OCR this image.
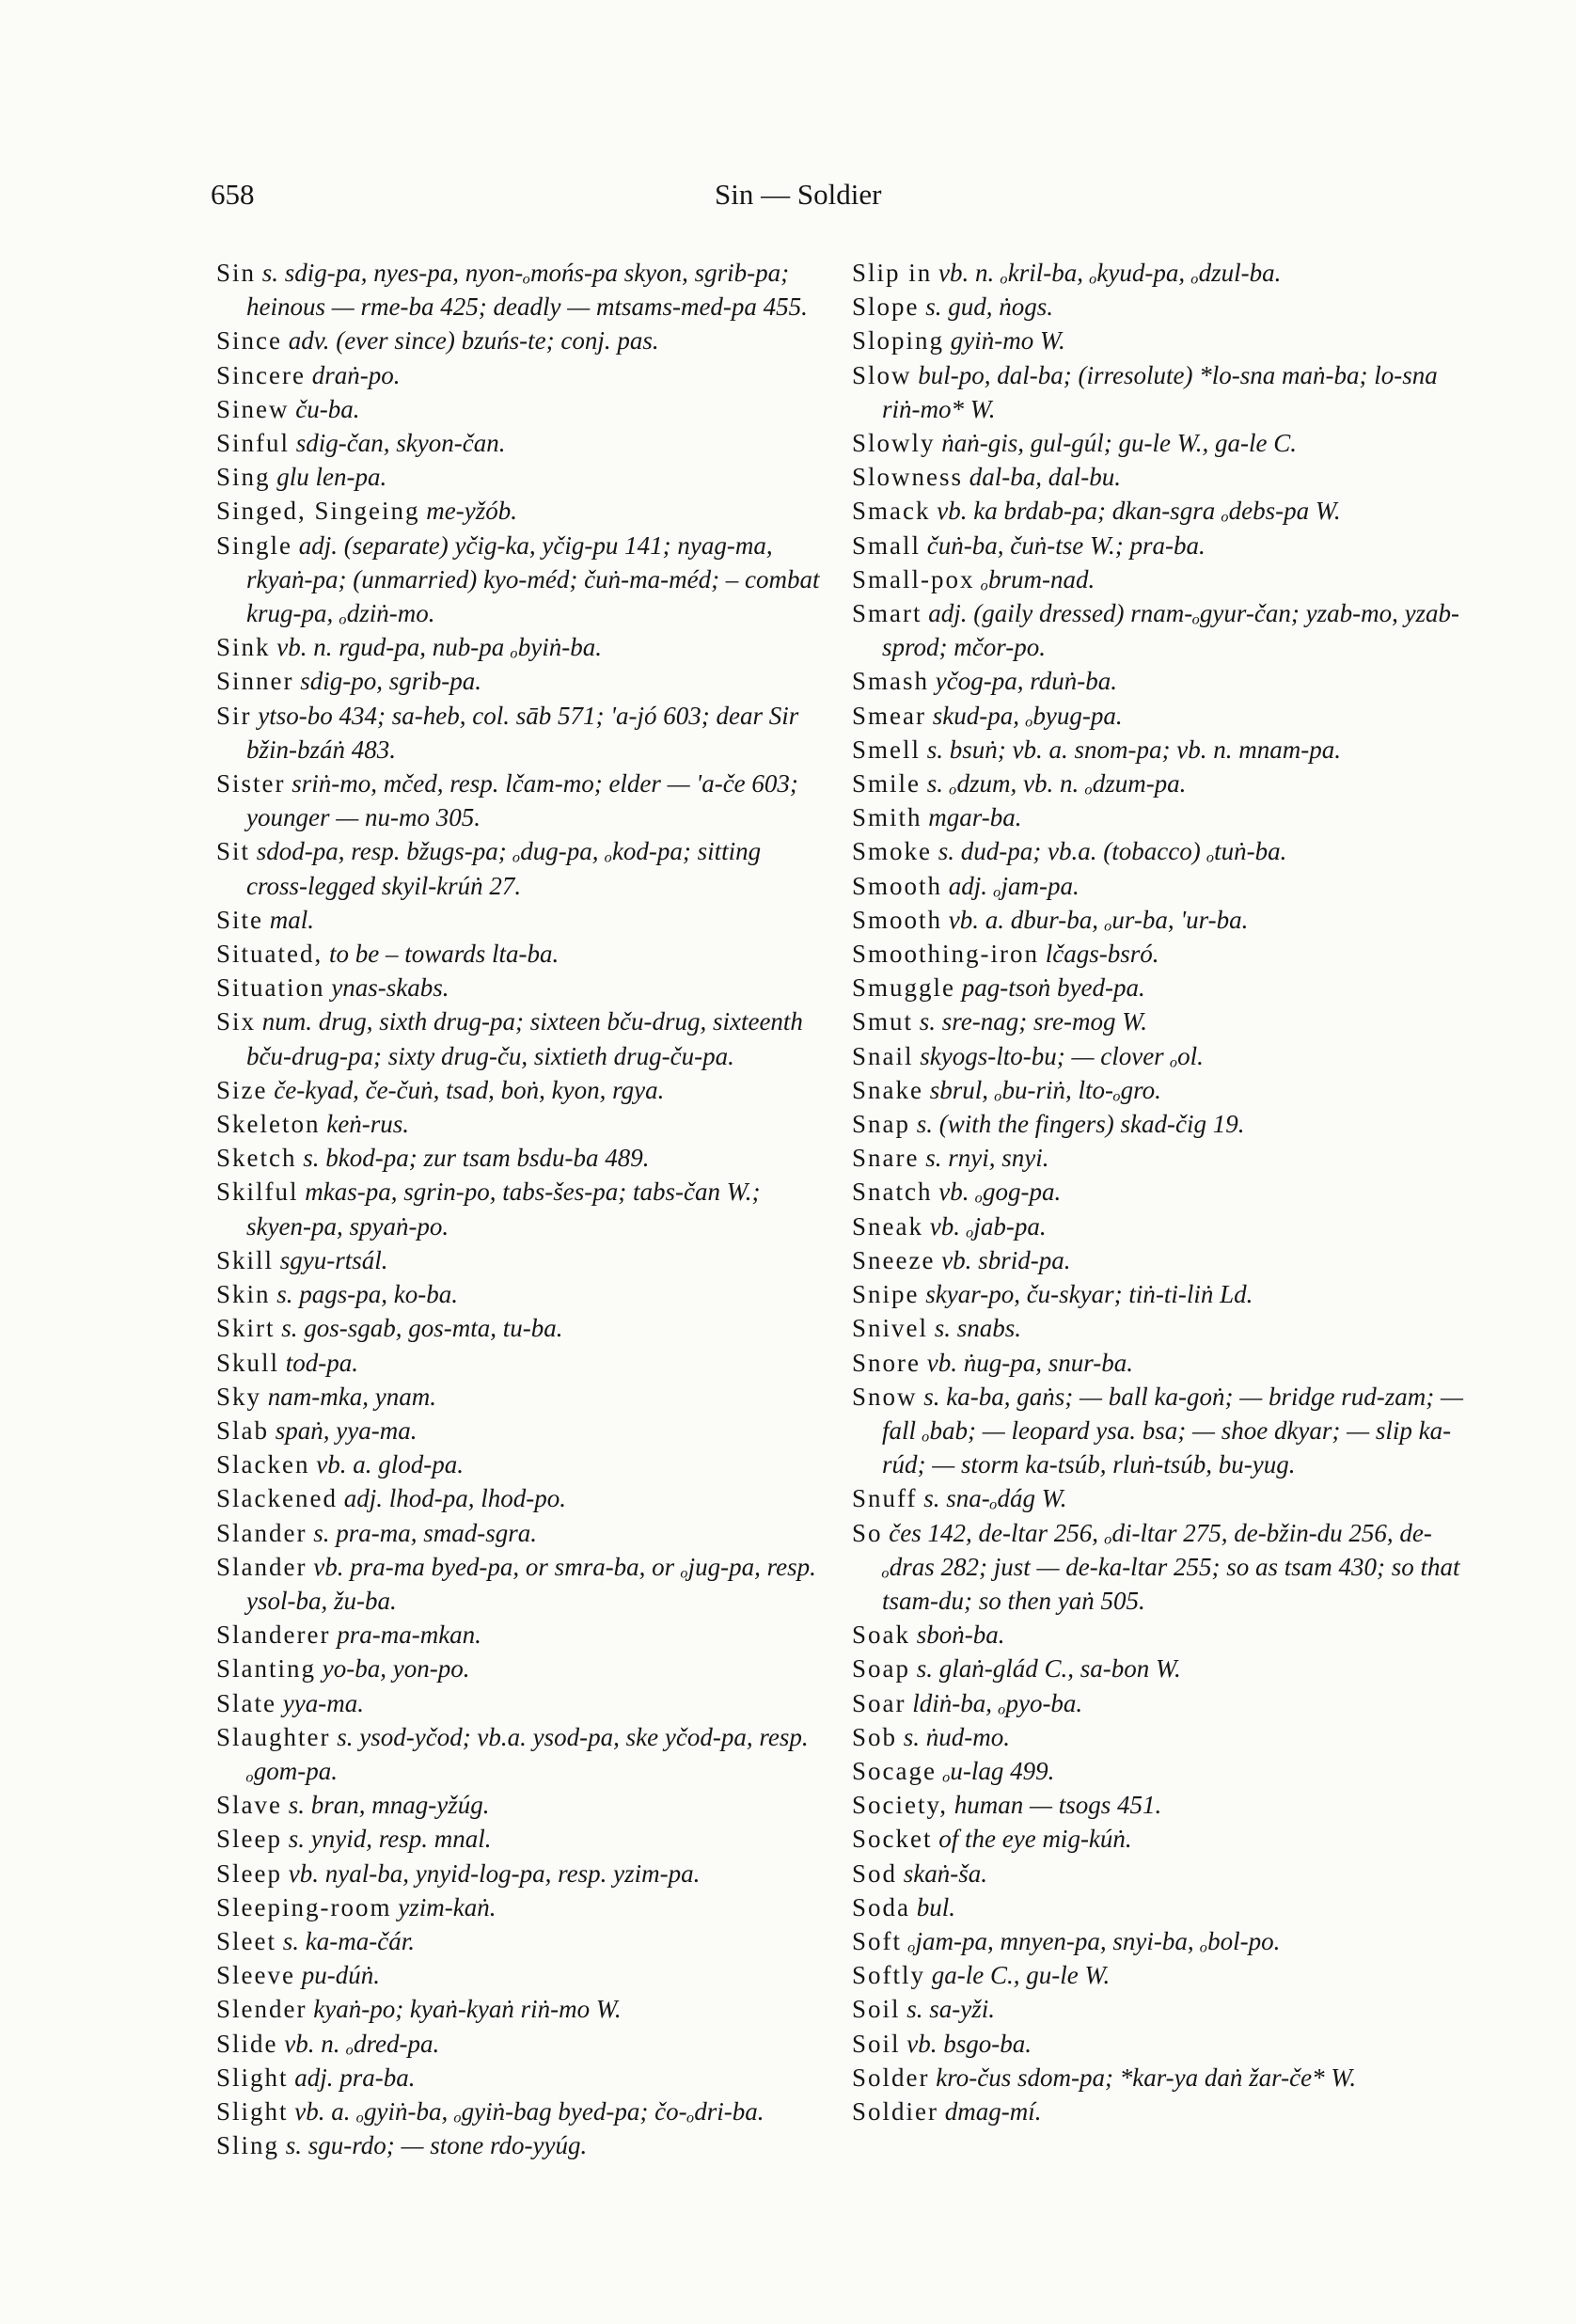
658	Sin — Soldier

Sin s. sdig-pa, nyes-pa, nyon-ₒmońs-pa skyon, sgrib-pa; heinous — rme-ba 425; deadly — mtsams-med-pa 455.

Since adv. (ever since) bzuńs-te; conj. pas.

Sincere draṅ-po.

Sinew ču-ba.

Sinful sdig-čan, skyon-čan.

Sing glu len-pa.

Singed, Singeing me-yžób.

Single adj. (separate) yčig-ka, yčig-pu 141; nyag-ma, rkyaṅ-pa; (unmarried) kyo-méd; čuṅ-ma-méd; – combat krug-pa, ₒdziṅ-mo.

Sink vb. n. rgud-pa, nub-pa ₒbyiṅ-ba.

Sinner sdig-po, sgrib-pa.

Sir ytso-bo 434; sa-heb, col. sāb 571; 'a-jó 603; dear Sir bžin-bzáṅ 483.

Sister sriṅ-mo, mčed, resp. lčam-mo; elder — 'a-če 603; younger — nu-mo 305.

Sit sdod-pa, resp. bžugs-pa; ₒdug-pa, ₒkod-pa; sitting cross-legged skyil-krúṅ 27.

Site mal.

Situated, to be – towards lta-ba.

Situation ynas-skabs.

Six num. drug, sixth drug-pa; sixteen bču-drug, sixteenth bču-drug-pa; sixty drug-ču, sixtieth drug-ču-pa.

Size če-kyad, če-čuṅ, tsad, boṅ, kyon, rgya.

Skeleton keṅ-rus.

Sketch s. bkod-pa; zur tsam bsdu-ba 489.

Skilful mkas-pa, sgrin-po, tabs-šes-pa; tabs-čan W.; skyen-pa, spyaṅ-po.

Skill sgyu-rtsál.

Skin s. pags-pa, ko-ba.

Skirt s. gos-sgab, gos-mta, tu-ba.

Skull tod-pa.

Sky nam-mka, ynam.

Slab spaṅ, yya-ma.

Slacken vb. a. glod-pa.

Slackened adj. lhod-pa, lhod-po.

Slander s. pra-ma, smad-sgra.

Slander vb. pra-ma byed-pa, or smra-ba, or ₒjug-pa, resp. ysol-ba, žu-ba.

Slanderer pra-ma-mkan.

Slanting yo-ba, yon-po.

Slate yya-ma.

Slaughter s. ysod-yčod; vb.a. ysod-pa, ske yčod-pa, resp. ₒgom-pa.

Slave s. bran, mnag-yžúg.

Sleep s. ynyid, resp. mnal.

Sleep vb. nyal-ba, ynyid-log-pa, resp. yzim-pa.

Sleeping-room yzim-kaṅ.

Sleet s. ka-ma-čár.

Sleeve pu-dúṅ.

Slender kyaṅ-po; kyaṅ-kyaṅ riṅ-mo W.

Slide vb. n. ₒdred-pa.

Slight adj. pra-ba.

Slight vb. a. ₒgyiṅ-ba, ₒgyiṅ-bag byed-pa; čo-ₒdri-ba.

Sling s. sgu-rdo; — stone rdo-yyúg.

Slip in vb. n. ₒkril-ba, ₒkyud-pa, ₒdzul-ba.

Slope s. gud, ṅogs.

Sloping gyiṅ-mo W.

Slow bul-po, dal-ba; (irresolute) *lo-sna maṅ-ba; lo-sna riṅ-mo* W.

Slowly ṅaṅ-gis, gul-gúl; gu-le W., ga-le C.

Slowness dal-ba, dal-bu.

Smack vb. ka brdab-pa; dkan-sgra ₒdebs-pa W.

Small čuṅ-ba, čuṅ-tse W.; pra-ba.

Small-pox ₒbrum-nad.

Smart adj. (gaily dressed) rnam-ₒgyur-čan; yzab-mo, yzab-sprod; mčor-po.

Smash yčog-pa, rduṅ-ba.

Smear skud-pa, ₒbyug-pa.

Smell s. bsuṅ; vb. a. snom-pa; vb. n. mnam-pa.

Smile s. ₒdzum, vb. n. ₒdzum-pa.

Smith mgar-ba.

Smoke s. dud-pa; vb.a. (tobacco) ₒtuṅ-ba.

Smooth adj. ₒjam-pa.

Smooth vb. a. dbur-ba, ₒur-ba, 'ur-ba.

Smoothing-iron lčags-bsró.

Smuggle pag-tsoṅ byed-pa.

Smut s. sre-nag; sre-mog W.

Snail skyogs-lto-bu; — clover ₒol.

Snake sbrul, ₒbu-riṅ, lto-ₒgro.

Snap s. (with the fingers) skad-čig 19.

Snare s. rnyi, snyi.

Snatch vb. ₒgog-pa.

Sneak vb. ₒjab-pa.

Sneeze vb. sbrid-pa.

Snipe skyar-po, ču-skyar; tiṅ-ti-liṅ Ld.

Snivel s. snabs.

Snore vb. ṅug-pa, snur-ba.

Snow s. ka-ba, gaṅs; — ball ka-goṅ; — bridge rud-zam; — fall ₒbab; — leopard ysa. bsa; — shoe dkyar; — slip ka-rúd; — storm ka-tsúb, rluṅ-tsúb, bu-yug.

Snuff s. sna-ₒdág W.

So čes 142, de-ltar 256, ₒdi-ltar 275, de-bžin-du 256, de-ₒdras 282; just — de-ka-ltar 255; so as tsam 430; so that tsam-du; so then yaṅ 505.

Soak sboṅ-ba.

Soap s. glaṅ-glád C., sa-bon W.

Soar ldiṅ-ba, ₒpyo-ba.

Sob s. ṅud-mo.

Socage ₒu-lag 499.

Society, human — tsogs 451.

Socket of the eye mig-kúṅ.

Sod skaṅ-ša.

Soda bul.

Soft ₒjam-pa, mnyen-pa, snyi-ba, ₒbol-po.

Softly ga-le C., gu-le W.

Soil s. sa-yži.

Soil vb. bsgo-ba.

Solder kro-čus sdom-pa; *kar-ya daṅ žar-če* W.

Soldier dmag-mí.
